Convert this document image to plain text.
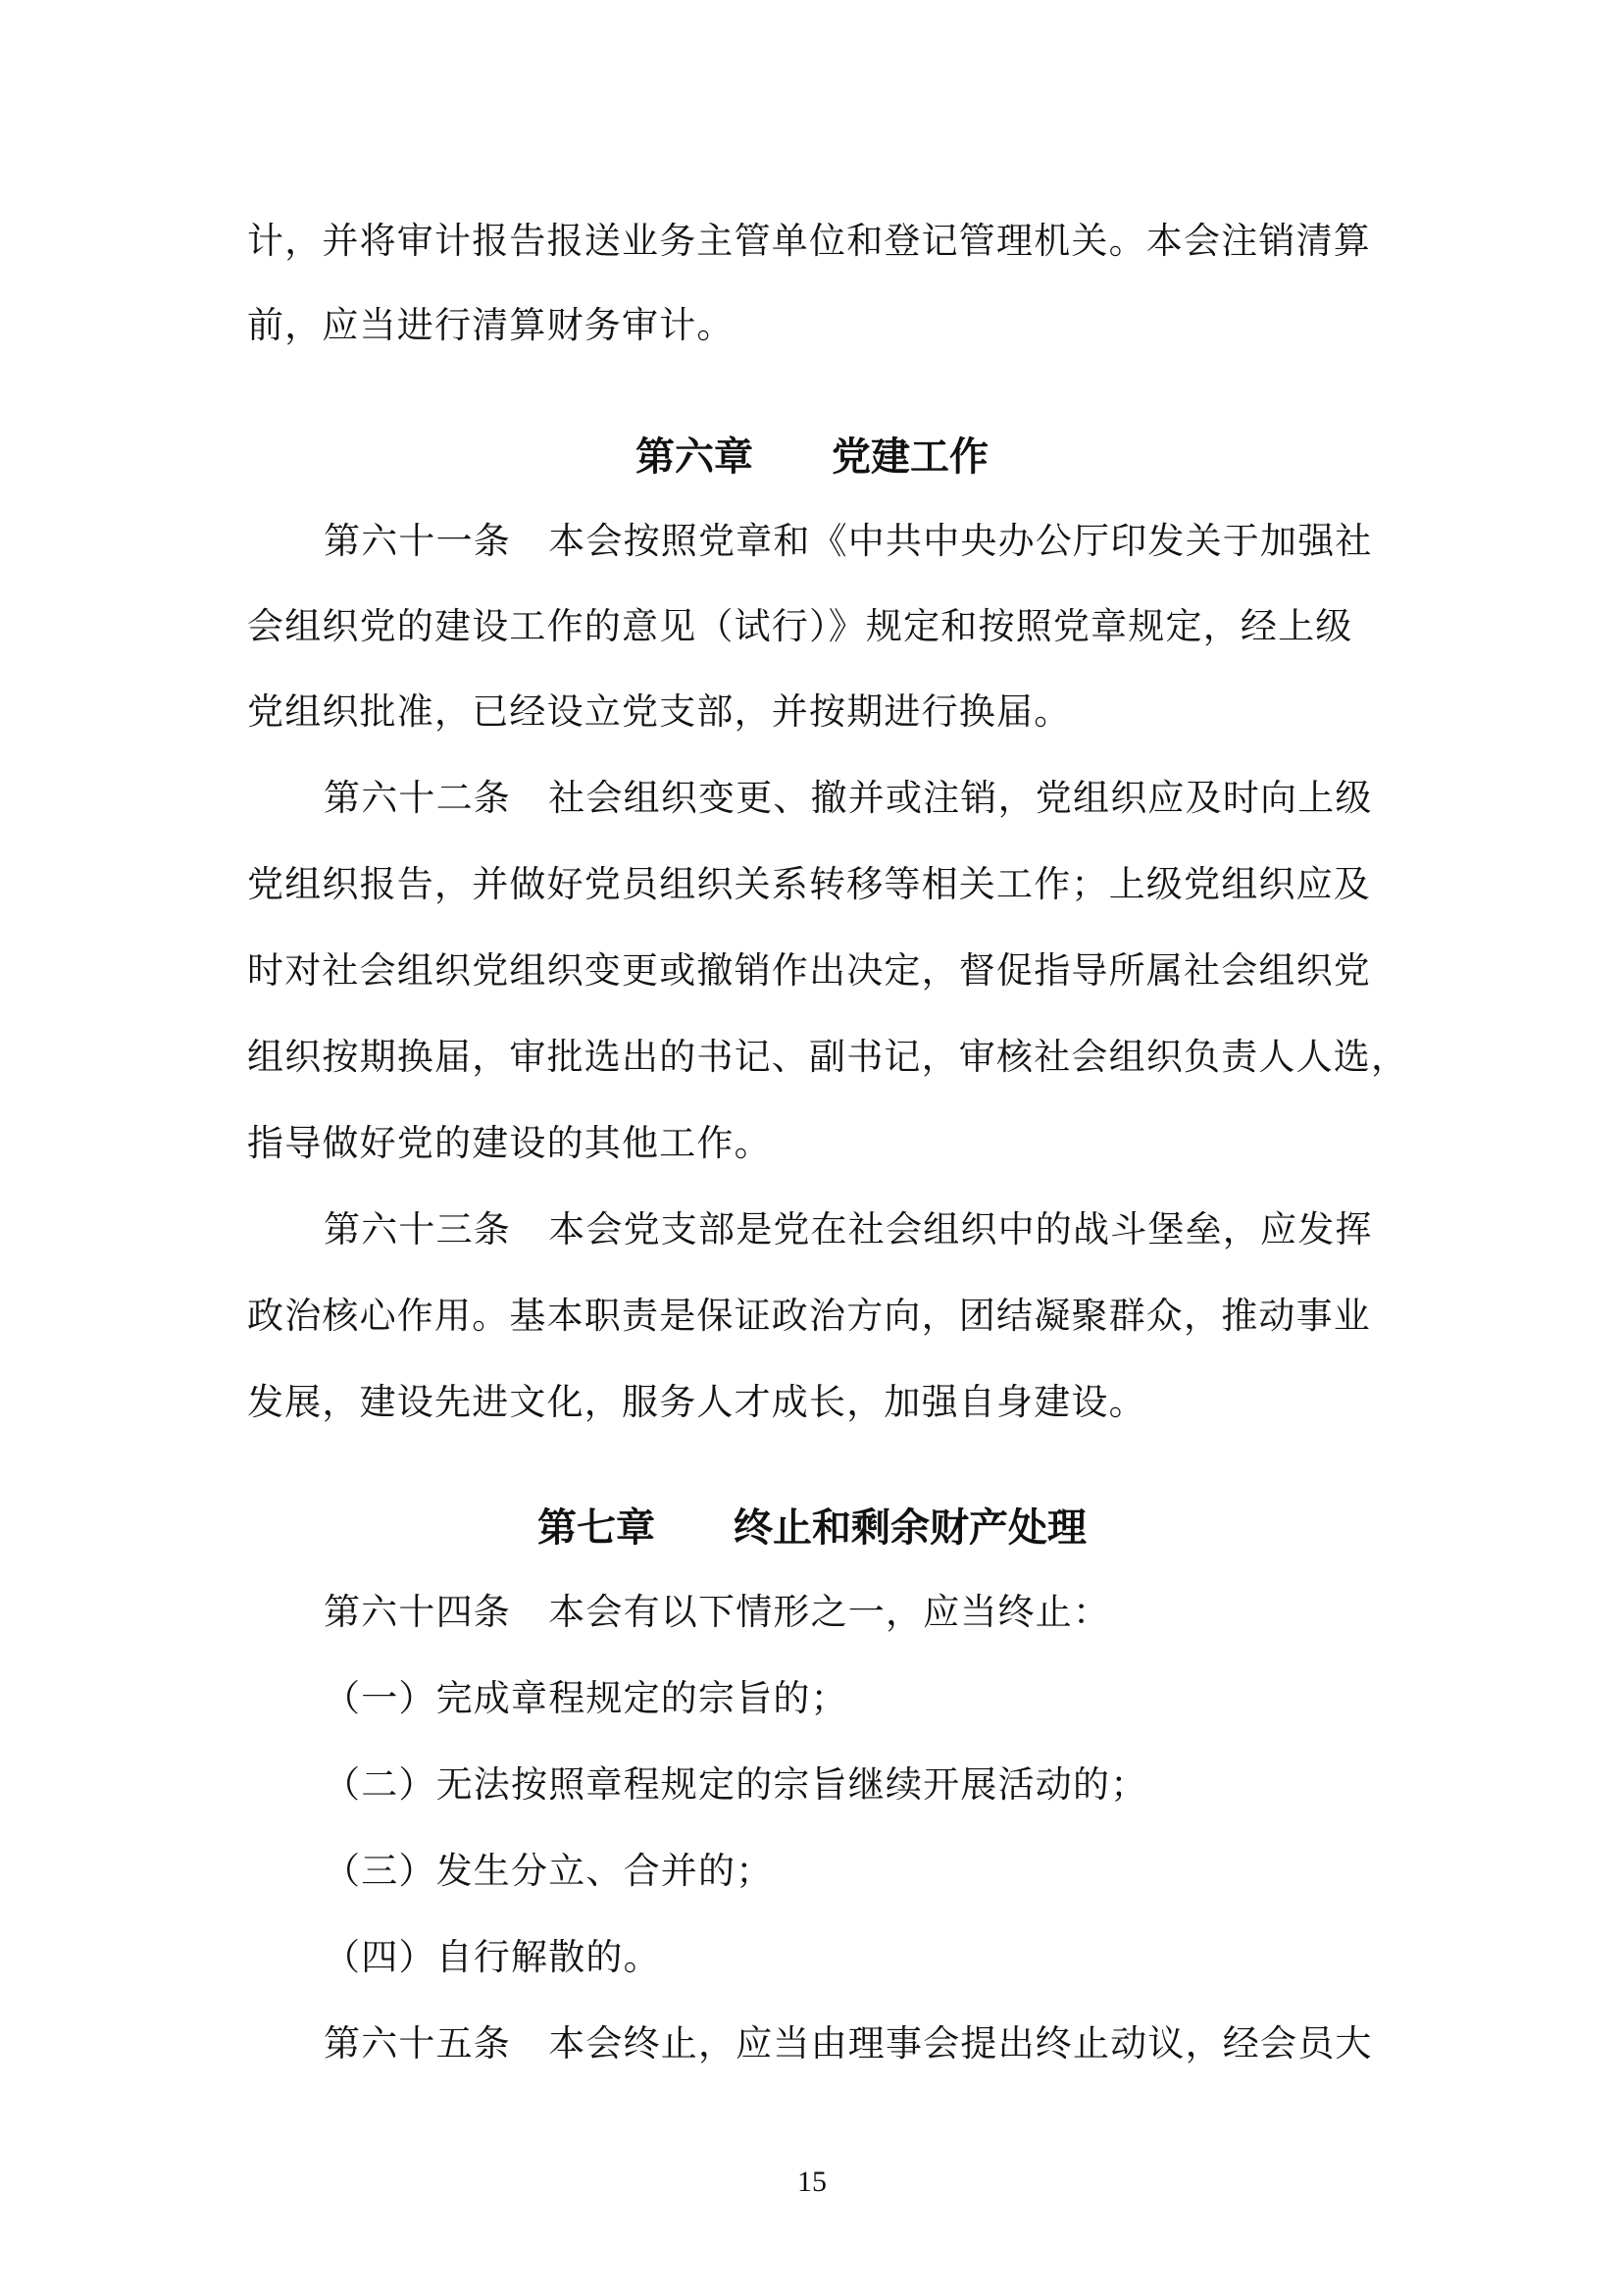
计，并将审计报告报送业务主管单位和登记管理机关。本会注销清算
前，应当进行清算财务审计。
第六章　　党建工作
第六十一条　本会按照党章和《中共中央办公厅印发关于加强社
会组织党的建设工作的意见（试行）》规定和按照党章规定，经上级
党组织批准，已经设立党支部，并按期进行换届。
第六十二条　社会组织变更、撤并或注销，党组织应及时向上级
党组织报告，并做好党员组织关系转移等相关工作；上级党组织应及
时对社会组织党组织变更或撤销作出决定，督促指导所属社会组织党
组织按期换届，审批选出的书记、副书记，审核社会组织负责人人选，
指导做好党的建设的其他工作。
第六十三条　本会党支部是党在社会组织中的战斗堡垒，应发挥
政治核心作用。基本职责是保证政治方向，团结凝聚群众，推动事业
发展，建设先进文化，服务人才成长，加强自身建设。
第七章　　终止和剩余财产处理
第六十四条　本会有以下情形之一，应当终止：
（一）完成章程规定的宗旨的；
（二）无法按照章程规定的宗旨继续开展活动的；
（三）发生分立、合并的；
（四）自行解散的。
第六十五条　本会终止，应当由理事会提出终止动议，经会员大
15
